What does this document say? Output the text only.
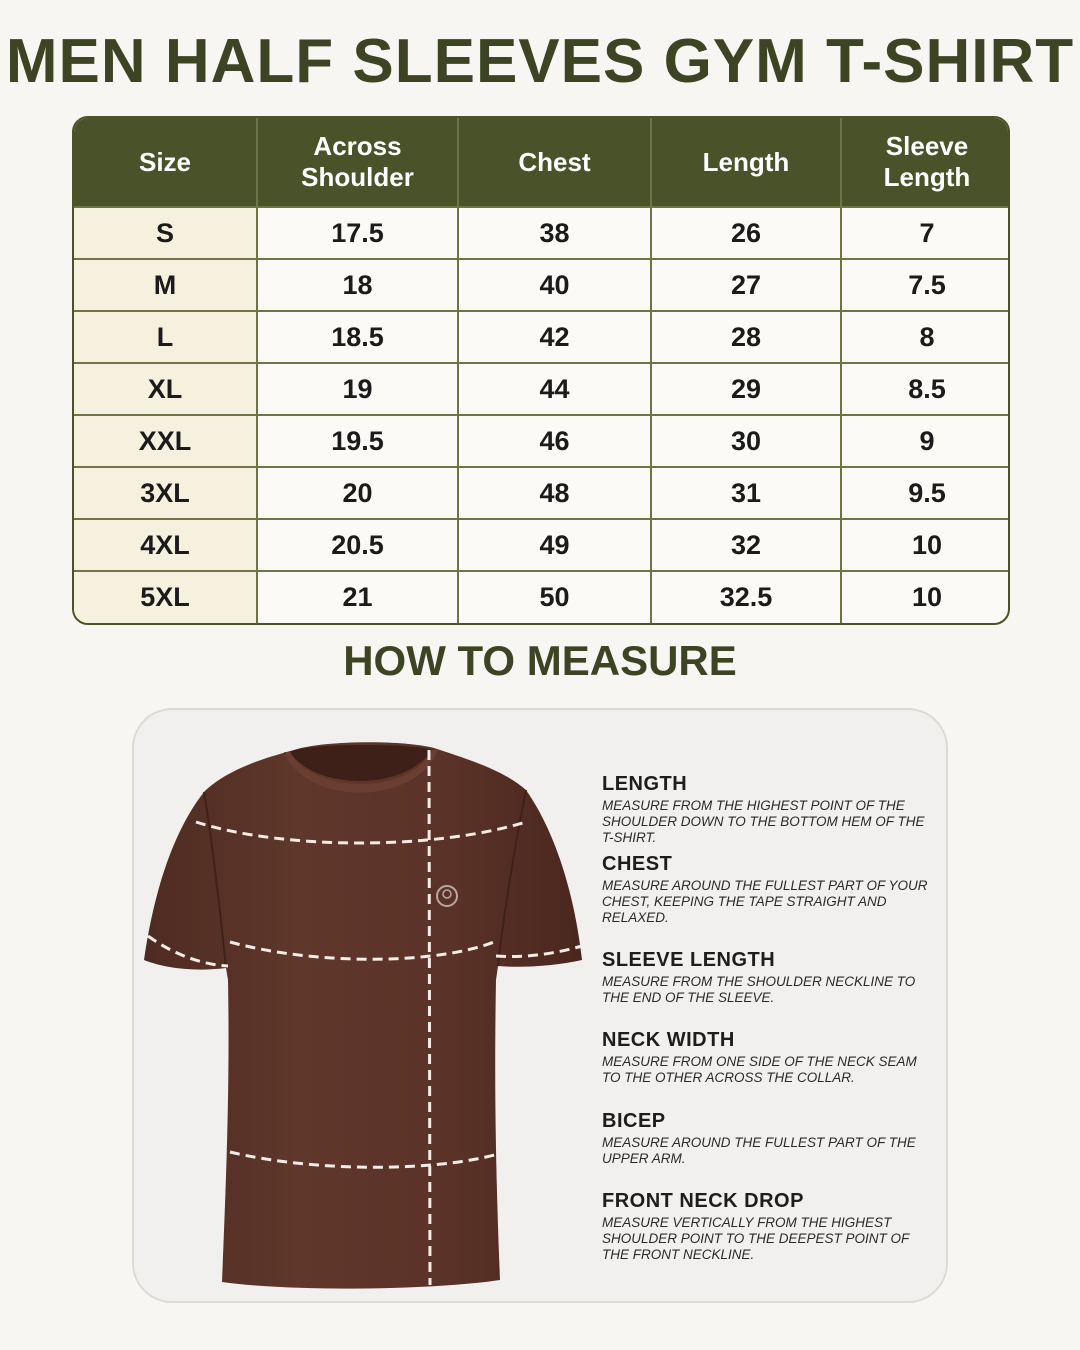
MEN HALF SLEEVES GYM T-SHIRT
Size	Across Shoulder	Chest	Length	Sleeve Length
S	17.5	38	26	7
M	18	40	27	7.5
L	18.5	42	28	8
XL	19	44	29	8.5
XXL	19.5	46	30	9
3XL	20	48	31	9.5
4XL	20.5	49	32	10
5XL	21	50	32.5	10
HOW TO MEASURE
LENGTH
MEASURE FROM THE HIGHEST POINT OF THE SHOULDER DOWN TO THE BOTTOM HEM OF THE T-SHIRT.
CHEST
MEASURE AROUND THE FULLEST PART OF YOUR CHEST, KEEPING THE TAPE STRAIGHT AND RELAXED.
SLEEVE LENGTH
MEASURE FROM THE SHOULDER NECKLINE TO THE END OF THE SLEEVE.
NECK WIDTH
MEASURE FROM ONE SIDE OF THE NECK SEAM TO THE OTHER ACROSS THE COLLAR.
BICEP
MEASURE AROUND THE FULLEST PART OF THE UPPER ARM.
FRONT NECK DROP
MEASURE VERTICALLY FROM THE HIGHEST SHOULDER POINT TO THE DEEPEST POINT OF THE FRONT NECKLINE.
